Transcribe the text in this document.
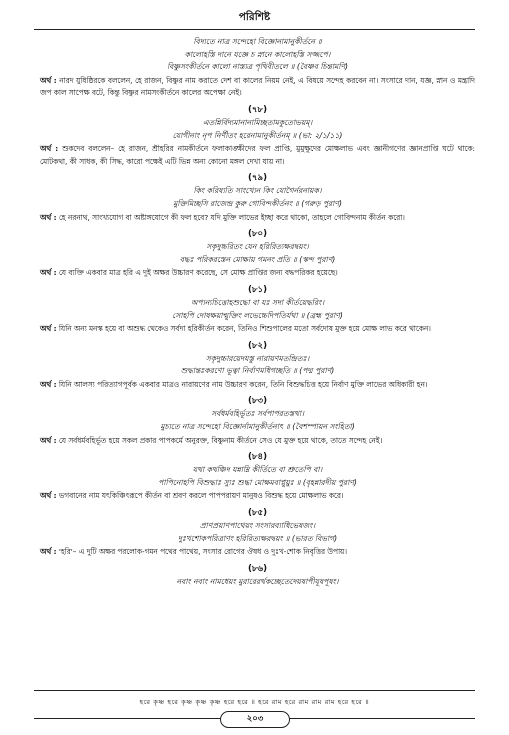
পরিশিষ্ট

বিদ্যতে নাত্র সন্দেহো বিজ্ঞোনামানুকীর্তনে ॥

কালোহস্তি দানে যজ্ঞে চ স্নানে কালোহস্তি সজ্জপে।

বিষ্ণুসংকীর্তনে কালো নাস্ত্যত্র পৃথিবীতলে ॥ (বৈষ্ণব চিন্তামণি)

অর্থ : নারদ যুধিষ্ঠিরকে বললেন, হে রাজন, বিষ্ণুর নাম করাতে দেশ বা কালের নিয়ম নেই, এ বিষয়ে সন্দেহ করবেন না। সংসারে দান, যজ্ঞ, স্নান ও মন্ত্রাদি জপ কাল সাপেক্ষ বটে, কিন্তু বিষ্ণুর নামসংকীর্তনে কালের অপেক্ষা নেই।

(৭৮)

এতন্নির্বিদ্যমানানামিচ্ছতামকুতোভয়ম্।

যোগীনাং নৃপ নির্ণীতং হরেনামানুকীর্তনম্ ॥ (ভা: ২/১/১১)

অর্থ : শুকদেব বললেন– হে রাজন, শ্রীহরির নামকীর্তনে ফলাকাঙ্ক্ষীদের ফল প্রাপ্তি, মুমুক্ষুদের মোক্ষলাভ এবং জ্ঞানীগণের জ্ঞানপ্রাপ্তি ঘটে থাকে: মোটকথা, কী সাধক, কী সিদ্ধ, কারো পক্ষেই এটি ভিন্ন অন্য কোনো মঙ্গল দেখা যায় না।

(৭৯)

কিং করিষ্যতি সাংখ্যেন কিং যোগৈর্নরনায়ক।

মুক্তিমিচ্ছসি রাজেন্দ্র কুরু গোবিন্দকীর্তনং ॥ (গরুড় পুরাণ)

অর্থ : হে নরনাথ, সাংখ্যযোগ বা অষ্টাঙ্গযোগে কী ফল হবে? যদি মুক্তি লাভের ইচ্ছা করে থাকো, তাহলে গোবিন্দনাম কীর্তন করো।

(৮০)

সকৃদুচ্চরিতং যেন হরিরিত্যক্ষরদ্বয়ং।

বদ্ধঃ পরিকরস্তেন মোক্ষায় গমনং প্রতি ॥ (স্কন্দ পুরাণ)

অর্থ : যে ব্যক্তি একবার মাত্র হরি এ দুই অক্ষর উচ্চারণ করেছে, সে মোক্ষ প্রাপ্তির জন্য বদ্ধপরিকর হয়েছে।

(৮১)

অপ্যন্যচিত্তোহশুদ্ধো বা যঃ সদা কীর্তয়েদ্ধরিং।

সোহপি দোষক্ষয়ান্মুক্তিং লভেচ্চেদিপতির্যথা ॥ (ব্রহ্ম পুরাণ)

অর্থ : যিনি অন্য মনস্ক হয়ে বা অশুদ্ধ থেকেও সর্বদা হরিকীর্তন করেন, তিনিও শিশুপালের মতো সর্বদোষ মুক্ত হয়ে মোক্ষ লাভ করে থাকেন।

(৮২)

সকৃদুচ্চারয়েদযস্তু নারায়ণমতন্দ্রিতঃ।

শুদ্ধান্তঃকরণো ভূত্বা নির্বাণমধিগচ্ছতি ॥ (পদ্ম পুরাণ)

অর্থ : যিনি আলস্য পরিত্যাগপূর্বক একবার মাত্রও নারায়ণের নাম উচ্চারণ করেন, তিনি বিশুদ্ধচিত্ত হয়ে নির্বাণ মুক্তি লাভের অধিকারী হন।

(৮৩)

সর্বধর্মবহির্ভূতঃ সর্বপাপরতস্তথা।

মুচ্যতে নাত্র সন্দেহো বিজ্ঞোর্নামানুকীর্তনাৎ ॥ (বৈশম্পায়ন সংহিতা)

অর্থ : যে সর্বধর্মবহির্ভূত হয়ে সকল প্রকার পাপকর্মে অনুরক্ত, বিষ্ণুনাম কীর্তনে সেও যে মুক্ত হয়ে থাকে, তাতে সন্দেহ নেই।

(৮৪)

যথা কথঞ্চিদ যন্নাম্নি কীর্তিতে বা শ্রুতেপি বা।

পাপিনোহপি বিশুদ্ধাঃ স্যুঃ শুদ্ধা মোক্ষমবাপ্নুয়ুঃ ॥ (বৃহন্নারদীয় পুরাণ)

অর্থ : ভগবানের নাম যৎকিঞ্চিৎরূপে কীর্তন বা শ্রবণ করলে পাপপরায়ণ মানুষও বিশুদ্ধ হয়ে মোক্ষলাভ করে।

(৮৫)

প্রাণপ্রয়াণপাথেয়ং সংসারব্যাধিভেষজং।

দুঃখশোকপরিত্রাণং হরিরিত্যক্ষরদ্বয়ং ॥ (ভারত বিভাগ)

অর্থ : 'হরি'– এ দুটি অক্ষর পরলোক-গমন পথের পাথেয়, সংসার রোগের ঔষধ ও দুঃখ-শোক নিবৃত্তির উপায়।

(৮৬)

নবাং নবাং নামধেয়ং মুরারেরর্থকচ্ছেতেদেয়ষাপীযূষপূষং।

হরে কৃষ্ণ হরে কৃষ্ণ কৃষ্ণ কৃষ্ণ হরে হরে ॥ হরে রাম হরে রাম রাম রাম হরে হরে ॥
২০৩
